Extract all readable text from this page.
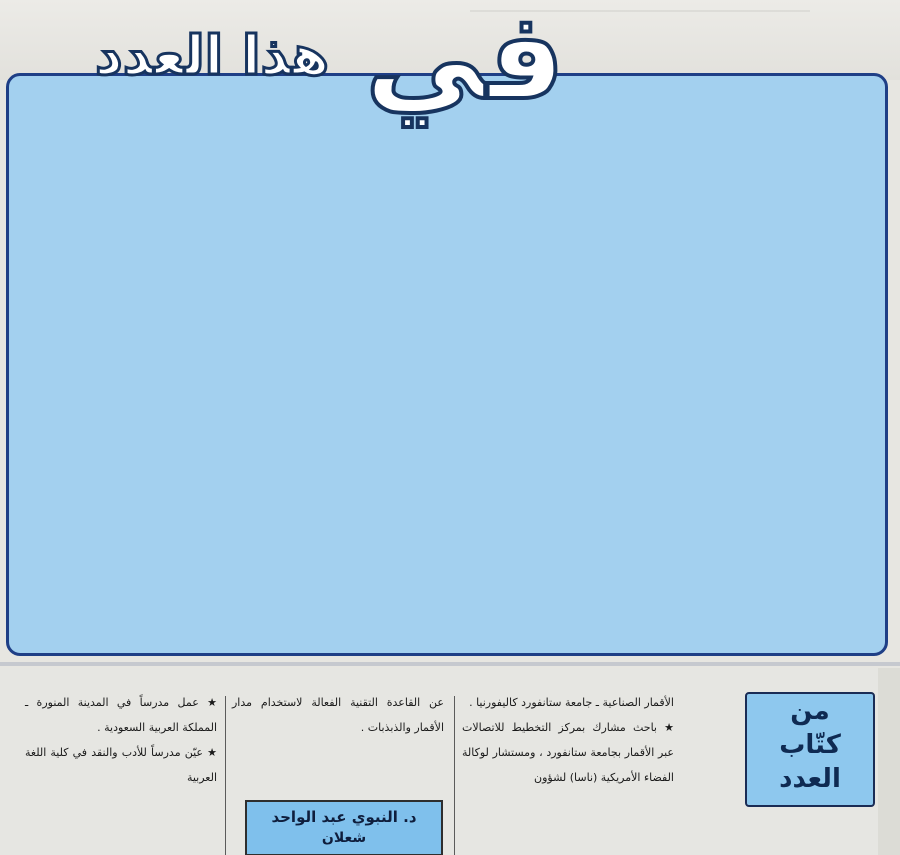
هذا العدد في
من
كتّاب
العدد

الأقمار الصناعية ـ جامعة ستانفورد كاليفورنيا .

★ باحث مشارك بمركز التخطيط للاتصالات عبر الأقمار بجامعة ستانفورد ، ومستشار لوكالة الفضاء الأمريكية (ناسا) لشؤون

عن القاعدة التقنية الفعالة لاستخدام مدار الأقمار والذبذبات .

د. النبوي عبد الواحد
شعلان

★ عمل مدرساً في المدينة المنورة ـ المملكة العربية السعودية .

★ عيّن مدرساً للأدب والنقد في كلية اللغة العربية
